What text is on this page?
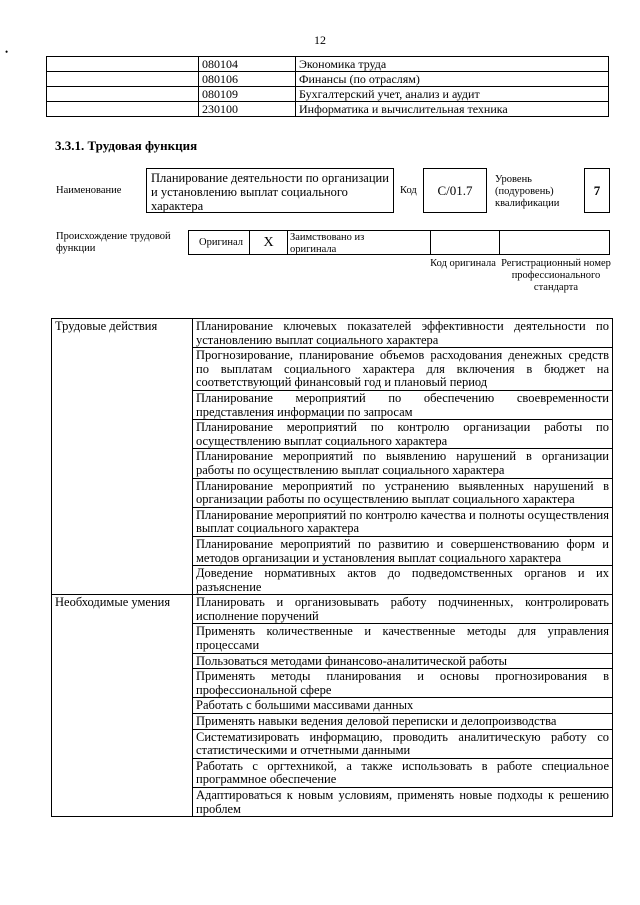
•
12
	080104	Экономика труда
	080106	Финансы (по отраслям)
	080109	Бухгалтерский учет, анализ и аудит
	230100	Информатика и вычислительная техника
3.3.1. Трудовая функция
Наименование
Планирование деятельности по организации и установлению выплат социального характера
Код	C/01.7
Уровень (подуровень) квалификации
7
Происхождение трудовой функции
Оригинал	X	Заимствовано из оригинала
Код оригинала Регистрационный номер профессионального стандарта
Трудовые действия	Планирование ключевых показателей эффективности деятельности по установлению выплат социального характера
	Прогнозирование, планирование объемов расходования денежных средств по выплатам социального характера для включения в бюджет на соответствующий финансовый год и плановый период
	Планирование мероприятий по обеспечению своевременности представления информации по запросам
	Планирование мероприятий по контролю организации работы по осуществлению выплат социального характера
	Планирование мероприятий по выявлению нарушений в организации работы по осуществлению выплат социального характера
	Планирование мероприятий по устранению выявленных нарушений в организации работы по осуществлению выплат социального характера
	Планирование мероприятий по контролю качества и полноты осуществления выплат социального характера
	Планирование мероприятий по развитию и совершенствованию форм и методов организации и установления выплат социального характера
	Доведение нормативных актов до подведомственных органов и их разъяснение
Необходимые умения	Планировать и организовывать работу подчиненных, контролировать исполнение поручений
	Применять количественные и качественные методы для управления процессами
	Пользоваться методами финансово-аналитической работы
	Применять методы планирования и основы прогнозирования в профессиональной сфере
	Работать с большими массивами данных
	Применять навыки ведения деловой переписки и делопроизводства
	Систематизировать информацию, проводить аналитическую работу со статистическими и отчетными данными
	Работать с оргтехникой, а также использовать в работе специальное программное обеспечение
	Адаптироваться к новым условиям, применять новые подходы к решению проблем
